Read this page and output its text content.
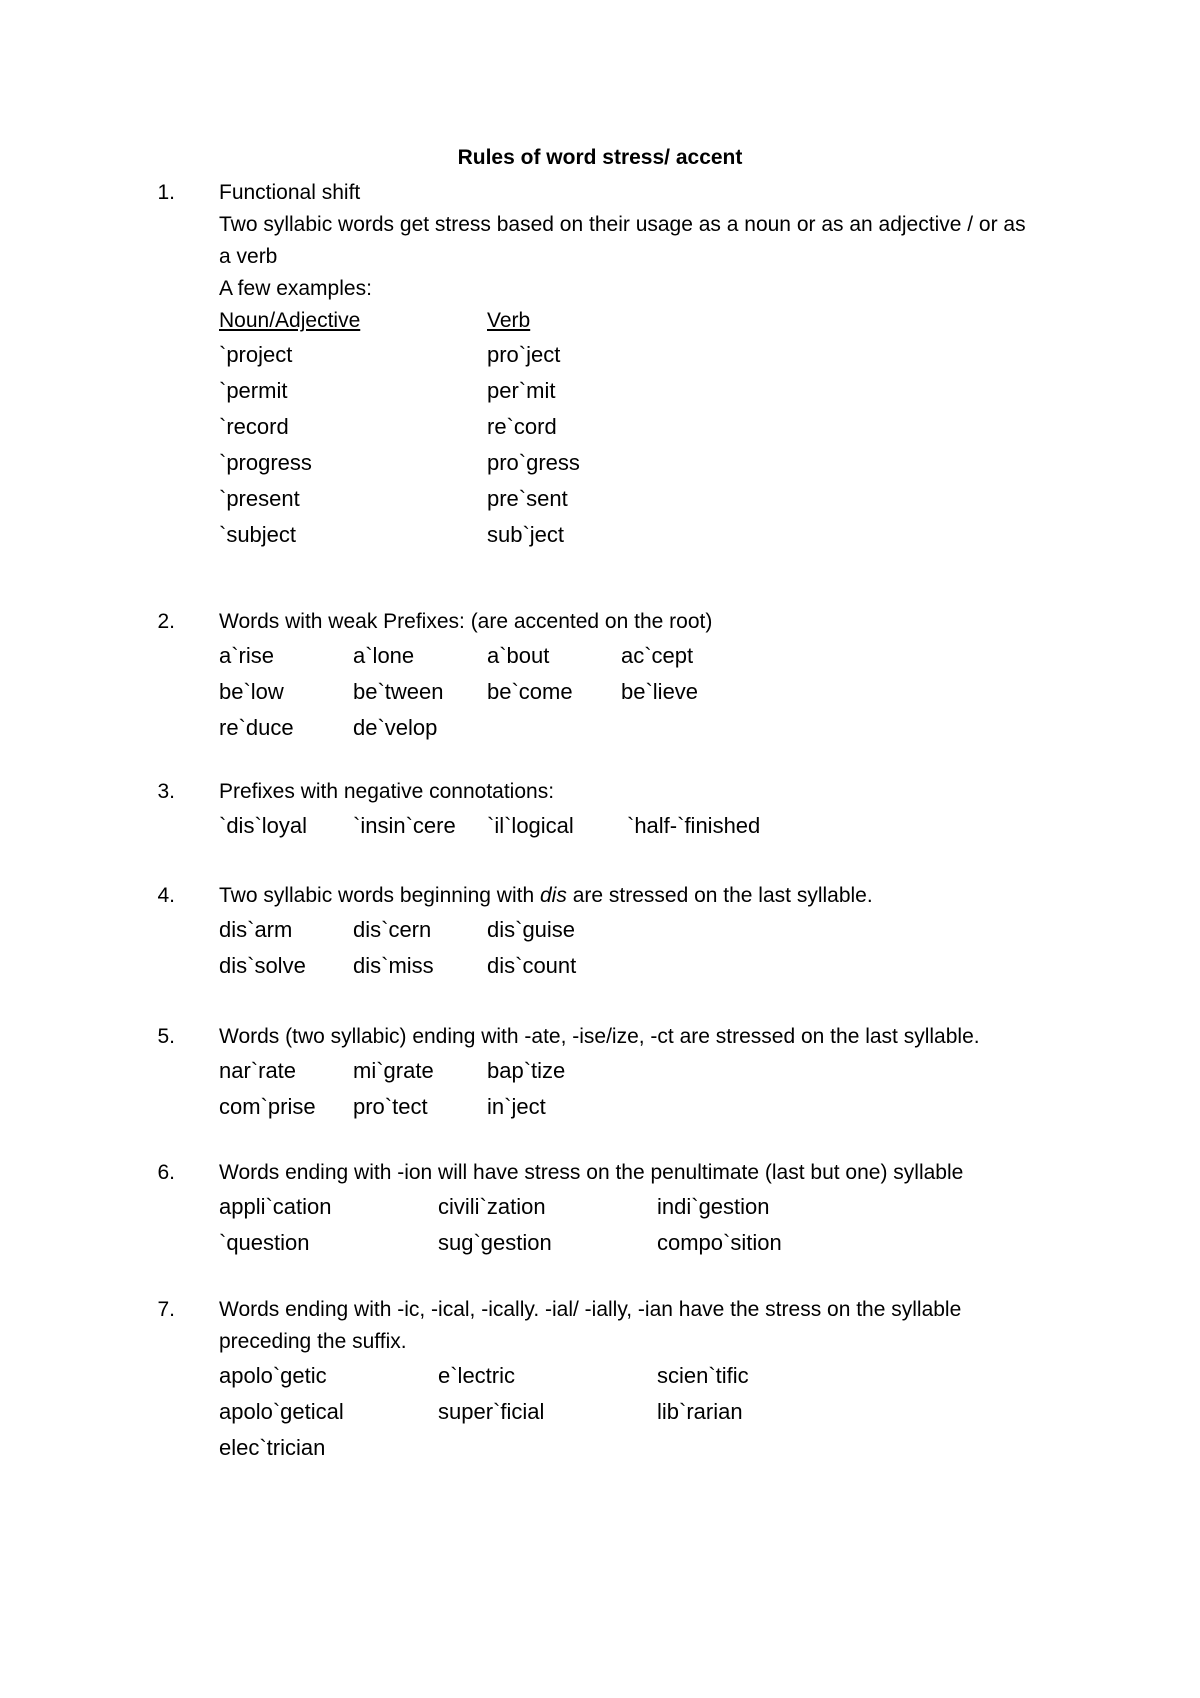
Rules of word stress/ accent
1. Functional shift
Two syllabic words get stress based on their usage as a noun or as an adjective / or as
a verb
A few examples:
Noun/Adjective	Verb
`project	pro`ject
`permit	per`mit
`record	re`cord
`progress	pro`gress
`present	pre`sent
`subject	sub`ject
2. Words with weak Prefixes: (are accented on the root)
a`rise	a`lone	a`bout	ac`cept
be`low	be`tween be`come be`lieve
re`duce	de`velop
3. Prefixes with negative connotations:
`dis`loyal `insin`cere `il`logical `half-`finished
4. Two syllabic words beginning with dis are stressed on the last syllable.
dis`arm	dis`cern	dis`guise
dis`solve dis`miss dis`count
5. Words (two syllabic) ending with -ate, -ise/ize, -ct are stressed on the last syllable.
nar`rate	mi`grate bap`tize
com`prise pro`tect	in`ject
6. Words ending with -ion will have stress on the penultimate (last but one) syllable
appli`cation	civili`zation	indi`gestion
`question	sug`gestion	compo`sition
7. Words ending with -ic, -ical, -ically. -ial/ -ially, -ian have the stress on the syllable
preceding the suffix.
apolo`getic	e`lectric	scien`tific
apolo`getical	super`ficial	lib`rarian
elec`trician
